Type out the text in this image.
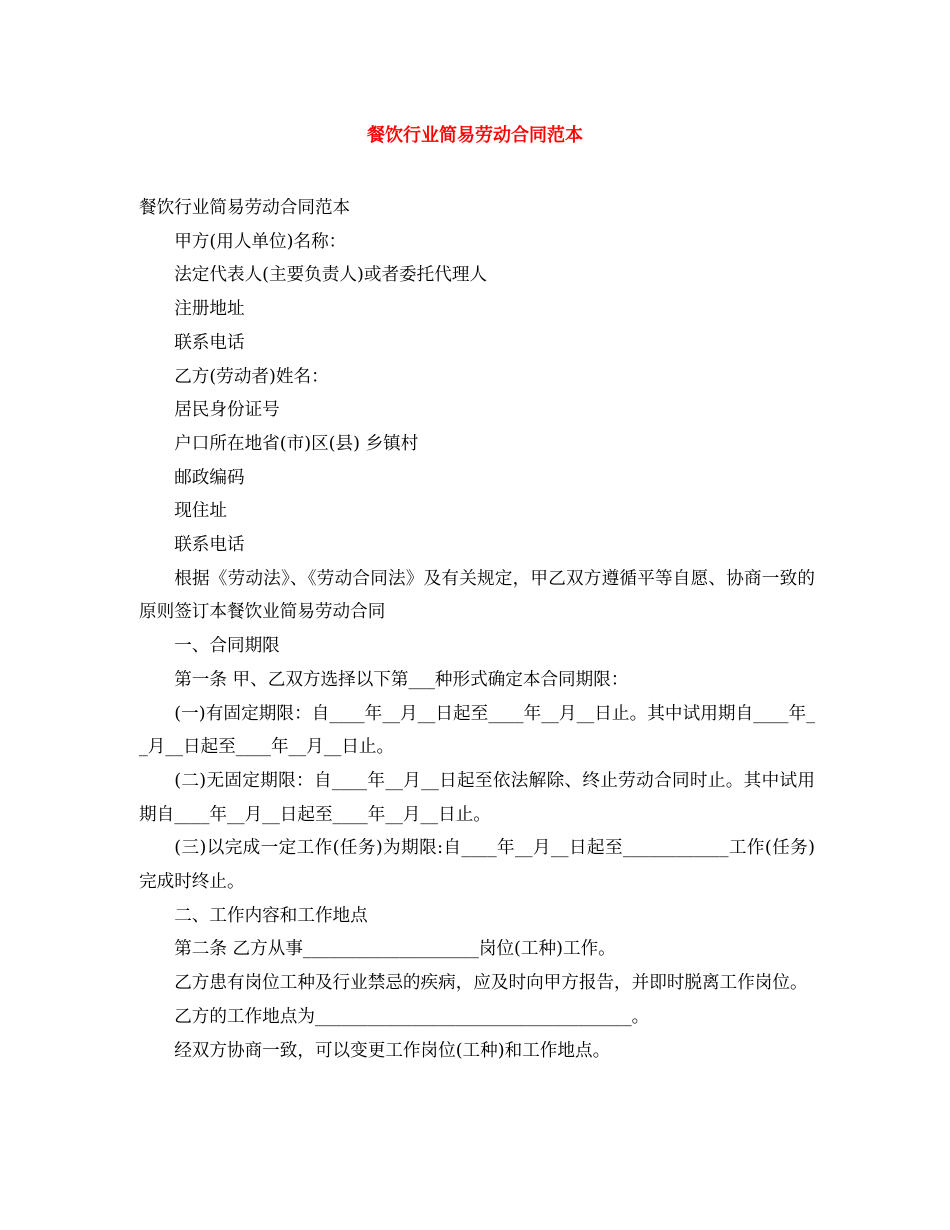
餐饮行业简易劳动合同范本

餐饮行业简易劳动合同范本

甲方(用人单位)名称：

法定代表人(主要负责人)或者委托代理人

注册地址

联系电话

乙方(劳动者)姓名：

居民身份证号

户口所在地省(市)区(县) 乡镇村

邮政编码

现住址

联系电话

根据《劳动法》、《劳动合同法》及有关规定，甲乙双方遵循平等自愿、协商一致的原则签订本餐饮业简易劳动合同

一、合同期限

第一条 甲、乙双方选择以下第___种形式确定本合同期限：

(一)有固定期限：自____年__月__日起至____年__月__日止。其中试用期自____年__月__日起至____年__月__日止。

(二)无固定期限：自____年__月__日起至依法解除、终止劳动合同时止。其中试用期自____年__月__日起至____年__月__日止。

(三)以完成一定工作(任务)为期限:自____年__月__日起至____________工作(任务)完成时终止。

二、工作内容和工作地点

第二条 乙方从事____________________岗位(工种)工作。

乙方患有岗位工种及行业禁忌的疾病，应及时向甲方报告，并即时脱离工作岗位。

乙方的工作地点为____________________________________。

经双方协商一致，可以变更工作岗位(工种)和工作地点。
